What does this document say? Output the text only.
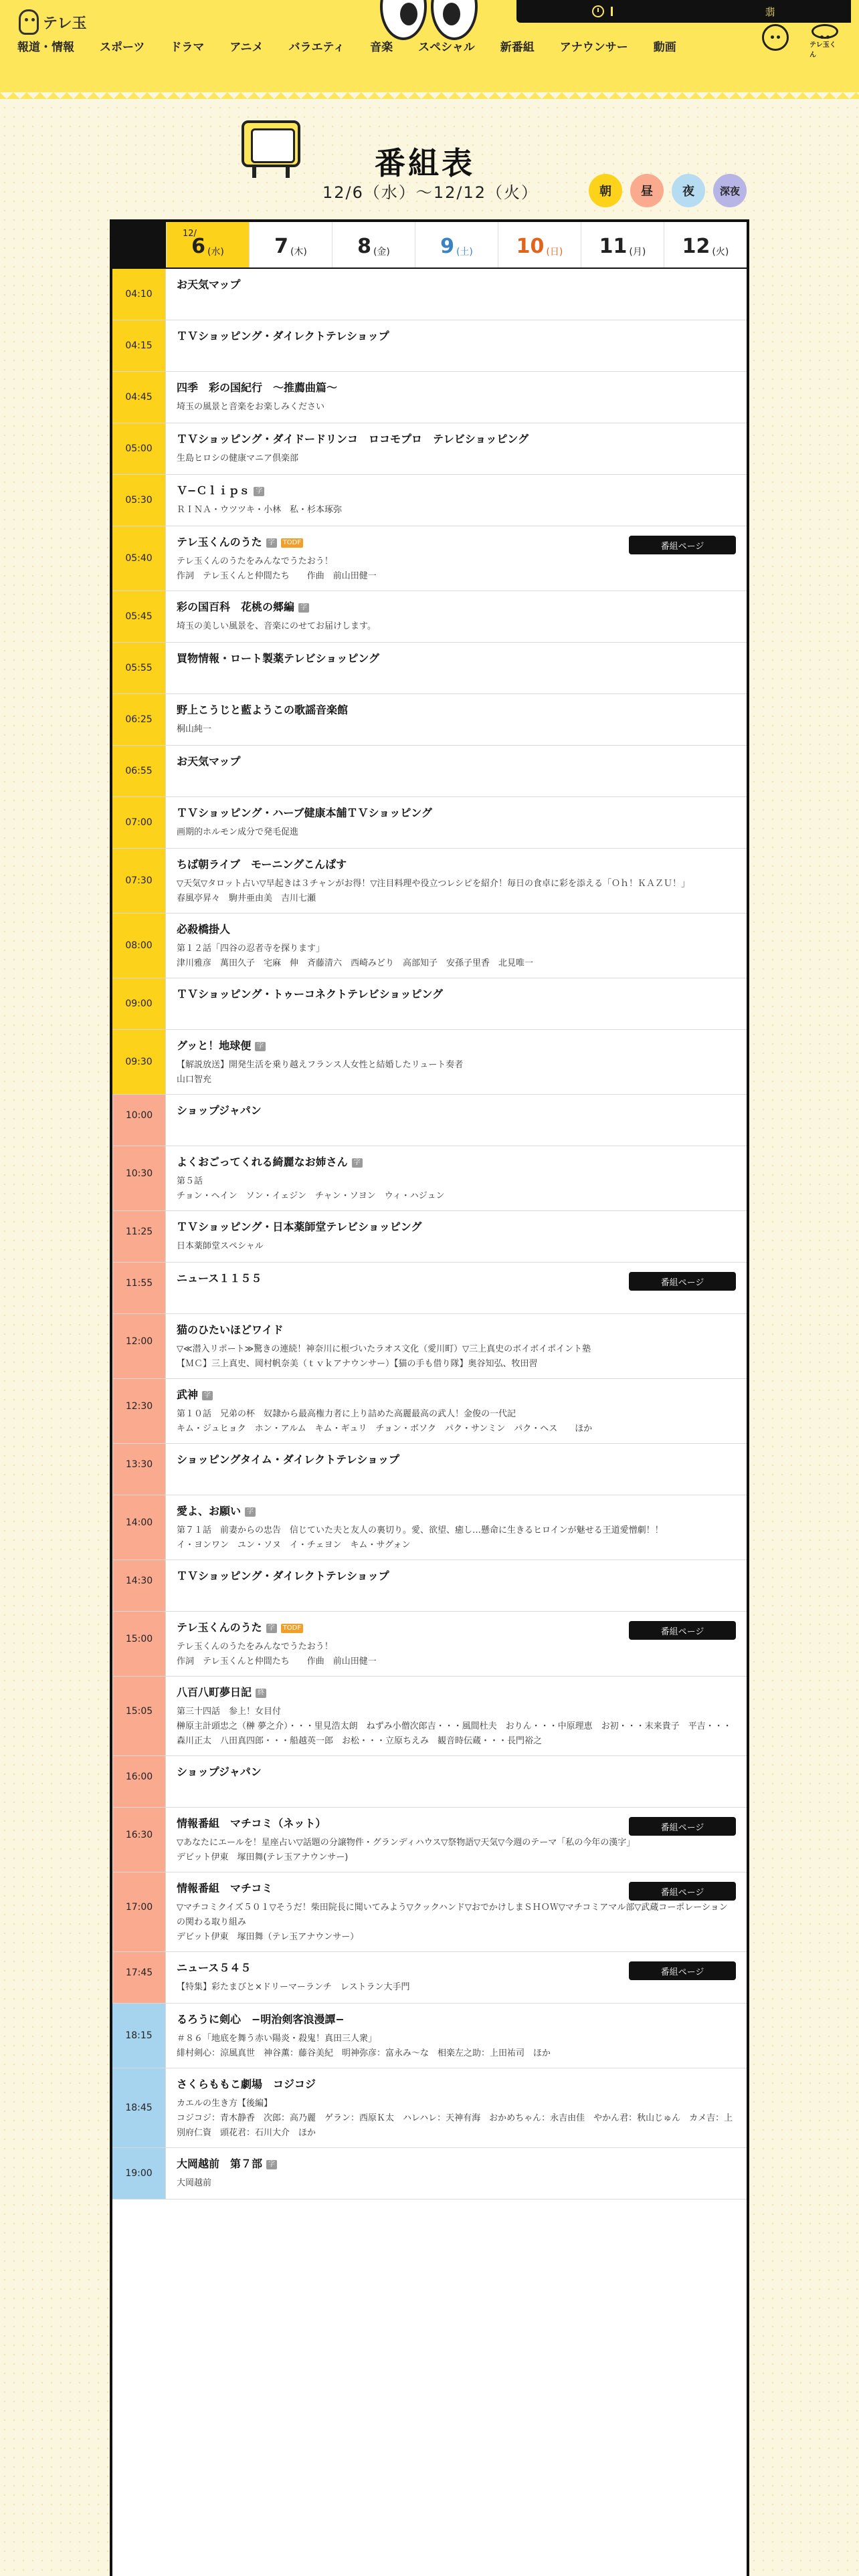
テレ玉
翡
報道・情報 スポーツ ドラマ アニメ バラエティ 音楽 スペシャル 新番組 アナウンサー 動画	テレ玉くん
番組表
12/6（水）〜12/12（火）	朝	昼	夜	深夜
12/
6 (水)	7 (木)	8 (金)	9 (土) 10 (日) 11 (月) 12 (火)
04:10
お天気マップ
04:15
ＴＶショッピング・ダイレクトテレショップ
04:45
四季　彩の国紀行　〜推薦曲篇〜
埼玉の風景と音楽をお楽しみください
05:00
ＴＶショッピング・ダイドードリンコ　ロコモプロ　テレビショッピング
生島ヒロシの健康マニア倶楽部
05:30
Ｖ−Ｃｌｉｐｓ 字
ＲＩＮＡ・ウツツキ・小林　私・杉本琢弥
05:40
テレ玉くんのうた 字 TODF
テレ玉くんのうたをみんなでうたおう！
作詞　テレ玉くんと仲間たち　　作曲　前山田健一
番組ページ
05:45
彩の国百科　花桃の郷編 字
埼玉の美しい風景を、音楽にのせてお届けします。
05:55
買物情報・ロート製薬テレビショッピング
06:25
野上こうじと藍ようこの歌謡音楽館
桐山純一
06:55
お天気マップ
07:00
ＴＶショッピング・ハーブ健康本舗ＴＶショッピング
画期的ホルモン成分で発毛促進
07:30
ちば朝ライブ　モーニングこんぱす
▽天気▽タロット占い▽早起きは３チャンがお得！▽注目料理や役立つレシピを紹介！毎日の食卓に彩を添える「Ｏｈ！ＫＡＺＵ！」
春風亭昇々　駒井亜由美　吉川七瀬
08:00
必殺橋掛人
第１２話「四谷の忍者寺を探ります」
津川雅彦　萬田久子　宅麻　伸　斉藤清六　西崎みどり　高部知子　安孫子里香　北見唯一
09:00
ＴＶショッピング・トゥーコネクトテレビショッピング
09:30
グッと！地球便 字
【解説放送】開発生活を乗り越えフランス人女性と結婚したリュート奏者
山口智充
10:00	ショップジャパン
10:30
よくおごってくれる綺麗なお姉さん 字
第５話
チョン・ヘイン　ソン・イェジン　チャン・ソヨン　ウィ・ハジュン
11:25	ＴＶショッピング・日本薬師堂テレビショッピング
日本薬師堂スペシャル
11:55	ニュース１１５５	番組ページ
12:00
猫のひたいほどワイド
▽≪潜入リポート≫驚きの連続！神奈川に根づいたラオス文化（愛川町）▽三上真史のボイボイポイント塾
【ＭＣ】三上真史、岡村帆奈美（ｔｖｋアナウンサー）【猫の手も借り隊】奥谷知弘、牧田習
12:30
武神 字
第１０話　兄弟の杯　奴隷から最高権力者に上り詰めた高麗最高の武人！金俊の一代記
キム・ジュヒョク　ホン・アルム　キム・ギュリ　チョン・ボソク　パク・サンミン　パク・ヘス　　ほか
13:30	ショッピングタイム・ダイレクトテレショップ
14:00
愛よ、お願い 字
第７１話　前妻からの忠告　信じていた夫と友人の裏切り。愛、欲望、癒し…懸命に生きるヒロインが魅せる王道愛憎劇！！
イ・ヨンワン　ユン・ソヌ　イ・チェヨン　キム・サグォン
14:30	ＴＶショッピング・ダイレクトテレショップ
15:00
テレ玉くんのうた 字 TODF
テレ玉くんのうたをみんなでうたおう！
作詞　テレ玉くんと仲間たち　　作曲　前山田健一
番組ページ
15:05
八百八町夢日記 終
第三十四話　参上！女目付
榊原主計頭忠之（榊 夢之介）・・・里見浩太朗　ねずみ小僧次郎吉・・・風間杜夫　おりん・・・中原理恵　お初・・・末来貴子　平吉・・・森川正太　八田真四郎・・・船越英一郎　お松・・・立原ちえみ　観音時伝蔵・・・長門裕之
16:00	ショップジャパン
16:30
情報番組　マチコミ（ネット）
▽あなたにエールを！星座占い▽話題の分譲物件・グランディハウス▽祭物語▽天気▽今週のテーマ「私の今年の漢字」
デビット伊東　塚田舞(テレ玉アナウンサー)
番組ページ
17:00
情報番組　マチコミ
▽マチコミクイズ５０１▽そうだ！柴田院長に聞いてみよう▽クックハンド▽おでかけしまＳＨＯＷ▽マチコミアマル部▽武蔵コーポレーションの関わる取り組み
デビット伊東　塚田舞（テレ玉アナウンサー）
番組ページ
17:45	ニュース５４５
【特集】彩たまびと×ドリーマーランチ　レストラン大手門
番組ページ
18:15
るろうに剣心　−明治剣客浪漫譚−
＃８６「地底を舞う赤い陽炎・殺鬼！真田三人衆」
緋村剣心：涼風真世　神谷薫：藤谷美紀　明神弥彦：富永み〜な　相楽左之助：上田祐司　ほか
18:45
さくらももこ劇場　コジコジ
カエルの生き方【後編】
コジコジ：青木静香　次郎：高乃麗　ゲラン：西原Ｋ太　ハレハレ：天神有海　おかめちゃん：永吉由佳　やかん君：秋山じゅん　カメ吉：上別府仁資　頭花君：石川大介　ほか
19:00
大岡越前　第７部 字
大岡越前
